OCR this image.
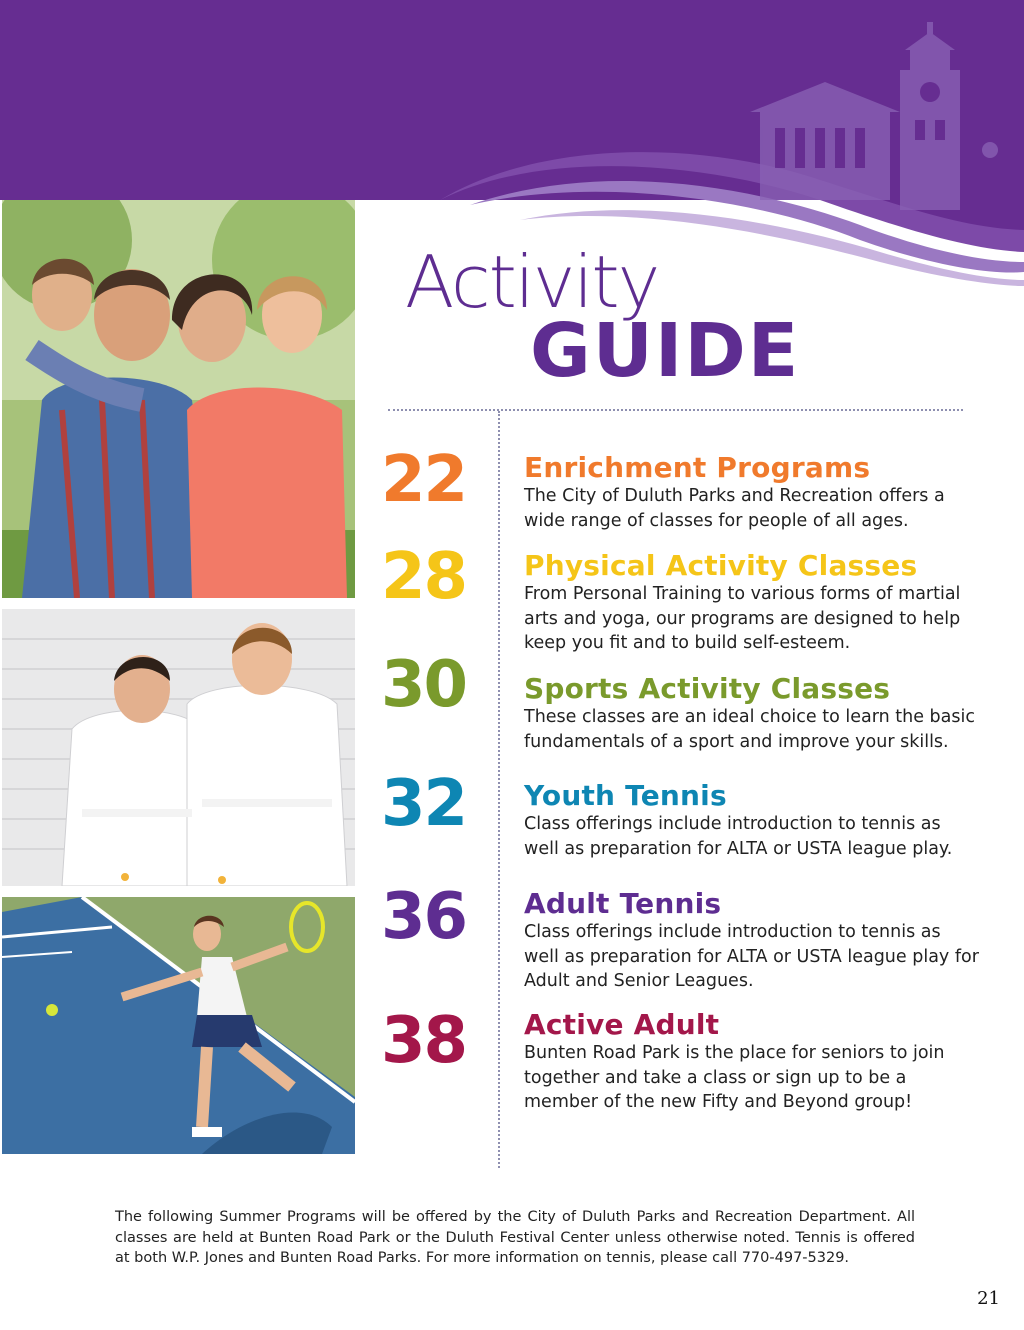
Activity

GUIDE

22	Enrichment Programs

The City of Duluth Parks and Recreation offers a wide range of classes for people of all ages.

28	Physical Activity Classes

From Personal Training to various forms of martial arts and yoga, our programs are designed to help keep you fit and to build self-esteem.

30	Sports Activity Classes

These classes are an ideal choice to learn the basic fundamentals of a sport and improve your skills.

32	Youth Tennis

Class offerings include introduction to tennis as well as preparation for ALTA or USTA league play.

36	Adult Tennis

Class offerings include introduction to tennis as well as preparation for ALTA or USTA league play for Adult and Senior Leagues.

38	Active Adult

Bunten Road Park is the place for seniors to join together and take a class or sign up to be a member of the new Fifty and Beyond group!

The following Summer Programs will be offered by the City of Duluth Parks and Recreation Department. All classes are held at Bunten Road Park or the Duluth Festival Center unless otherwise noted. Tennis is offered at both W.P. Jones and Bunten Road Parks. For more information on tennis, please call 770-497-5329.

21
